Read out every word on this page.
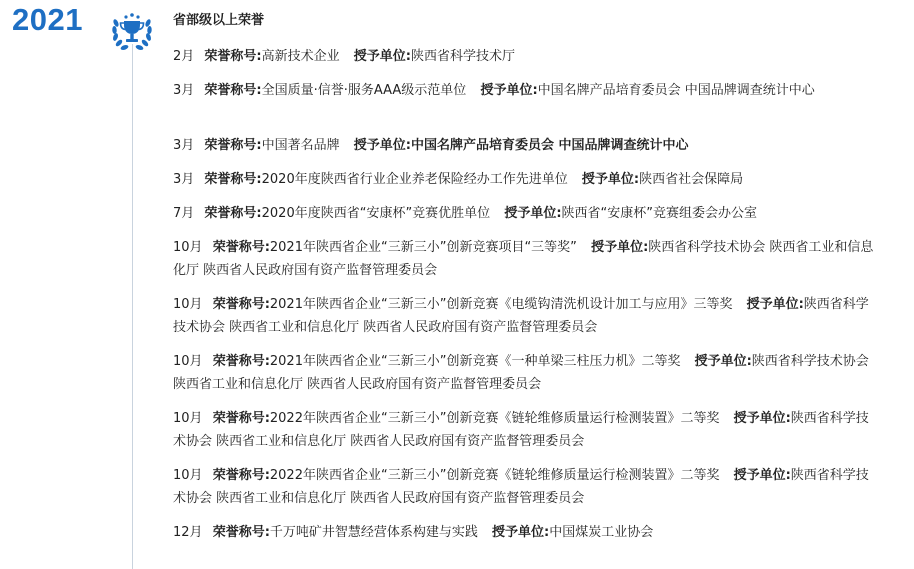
2021	省部级以上荣誉
2月 荣誉称号:高新技术企业 授予单位:陕西省科学技术厅
3月 荣誉称号:全国质量·信誉·服务AAA级示范单位 授予单位:中国名牌产品培育委员会 中国品牌调查统计中心
3月 荣誉称号:中国著名品牌 授予单位:中国名牌产品培育委员会 中国品牌调查统计中心
3月 荣誉称号:2020年度陕西省行业企业养老保险经办工作先进单位 授予单位:陕西省社会保障局
7月 荣誉称号:2020年度陕西省“安康杯”竞赛优胜单位 授予单位:陕西省“安康杯”竞赛组委会办公室
10月 荣誉称号:2021年陕西省企业“三新三小”创新竞赛项目“三等奖” 授予单位:陕西省科学技术协会 陕西省工业和信息化厅 陕西省人民政府国有资产监督管理委员会
10月 荣誉称号:2021年陕西省企业“三新三小”创新竞赛《电缆钩清洗机设计加工与应用》三等奖 授予单位:陕西省科学技术协会 陕西省工业和信息化厅 陕西省人民政府国有资产监督管理委员会
10月 荣誉称号:2021年陕西省企业“三新三小”创新竞赛《一种单梁三柱压力机》二等奖 授予单位:陕西省科学技术协会 陕西省工业和信息化厅 陕西省人民政府国有资产监督管理委员会
10月 荣誉称号:2022年陕西省企业“三新三小”创新竞赛《链轮维修质量运行检测装置》二等奖 授予单位:陕西省科学技术协会 陕西省工业和信息化厅 陕西省人民政府国有资产监督管理委员会
10月 荣誉称号:2022年陕西省企业“三新三小”创新竞赛《链轮维修质量运行检测装置》二等奖 授予单位:陕西省科学技术协会 陕西省工业和信息化厅 陕西省人民政府国有资产监督管理委员会
12月 荣誉称号:千万吨矿井智慧经营体系构建与实践 授予单位:中国煤炭工业协会
